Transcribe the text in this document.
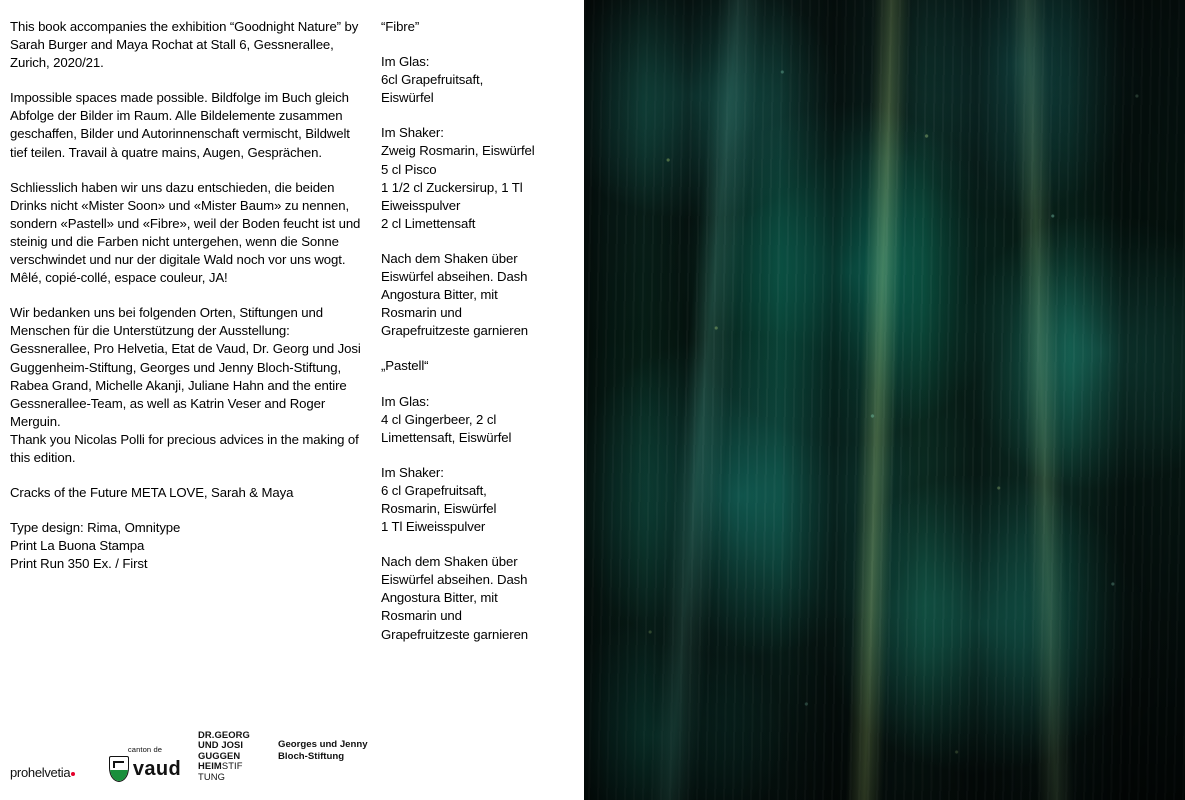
This book accompanies the exhibition “Goodnight Nature” by Sarah Burger and Maya Rochat at Stall 6, Gessnerallee, Zurich, 2020/21.

Impossible spaces made possible. Bildfolge im Buch gleich Abfolge der Bilder im Raum. Alle Bildelemente zusammen geschaffen, Bilder und Autorinnenschaft vermischt, Bildwelt tief teilen. Travail à quatre mains, Augen, Gesprächen.

Schliesslich haben wir uns dazu entschieden, die beiden Drinks nicht «Mister Soon» und «Mister Baum» zu nennen, sondern «Pastell» und «Fibre», weil der Boden feucht ist und steinig und die Farben nicht untergehen, wenn die Sonne verschwindet und nur der digitale Wald noch vor uns wogt. Mêlé, copié-collé, espace couleur, JA!

Wir bedanken uns bei folgenden Orten, Stiftungen und Menschen für die Unterstützung der Ausstellung: Gessnerallee, Pro Helvetia, Etat de Vaud, Dr. Georg und Josi Guggenheim-Stiftung, Georges und Jenny Bloch-Stiftung, Rabea Grand, Michelle Akanji, Juliane Hahn and the entire Gessnerallee-Team, as well as Katrin Veser and Roger Merguin.

Thank you Nicolas Polli for precious advices in the making of this edition.

Cracks of the Future META LOVE, Sarah & Maya

Type design: Rima, Omnitype

Print La Buona Stampa

Print Run 350 Ex. / First

“Fibre”

Im Glas:
6cl Grapefruitsaft,
Eiswürfel

Im Shaker:
Zweig Rosmarin, Eiswürfel
5 cl Pisco
1 1/2 cl Zuckersirup, 1 Tl Eiweisspulver
2 cl Limettensaft

Nach dem Shaken über Eiswürfel abseihen. Dash Angostura Bitter, mit Rosmarin und Grapefruitzeste garnieren

„Pastell“

Im Glas:
4 cl Gingerbeer, 2 cl Limettensaft, Eiswürfel

Im Shaker:
6 cl Grapefruitsaft,
Rosmarin, Eiswürfel
1 Tl Eiweisspulver

Nach dem Shaken über Eiswürfel abseihen. Dash Angostura Bitter, mit Rosmarin und Grapefruitzeste garnieren

prohelvetia
canton de
vaud
DR.GEORG
UND JOSI
GUGGEN
HEIMSTIF
TUNG
Georges und Jenny
Bloch-Stiftung
